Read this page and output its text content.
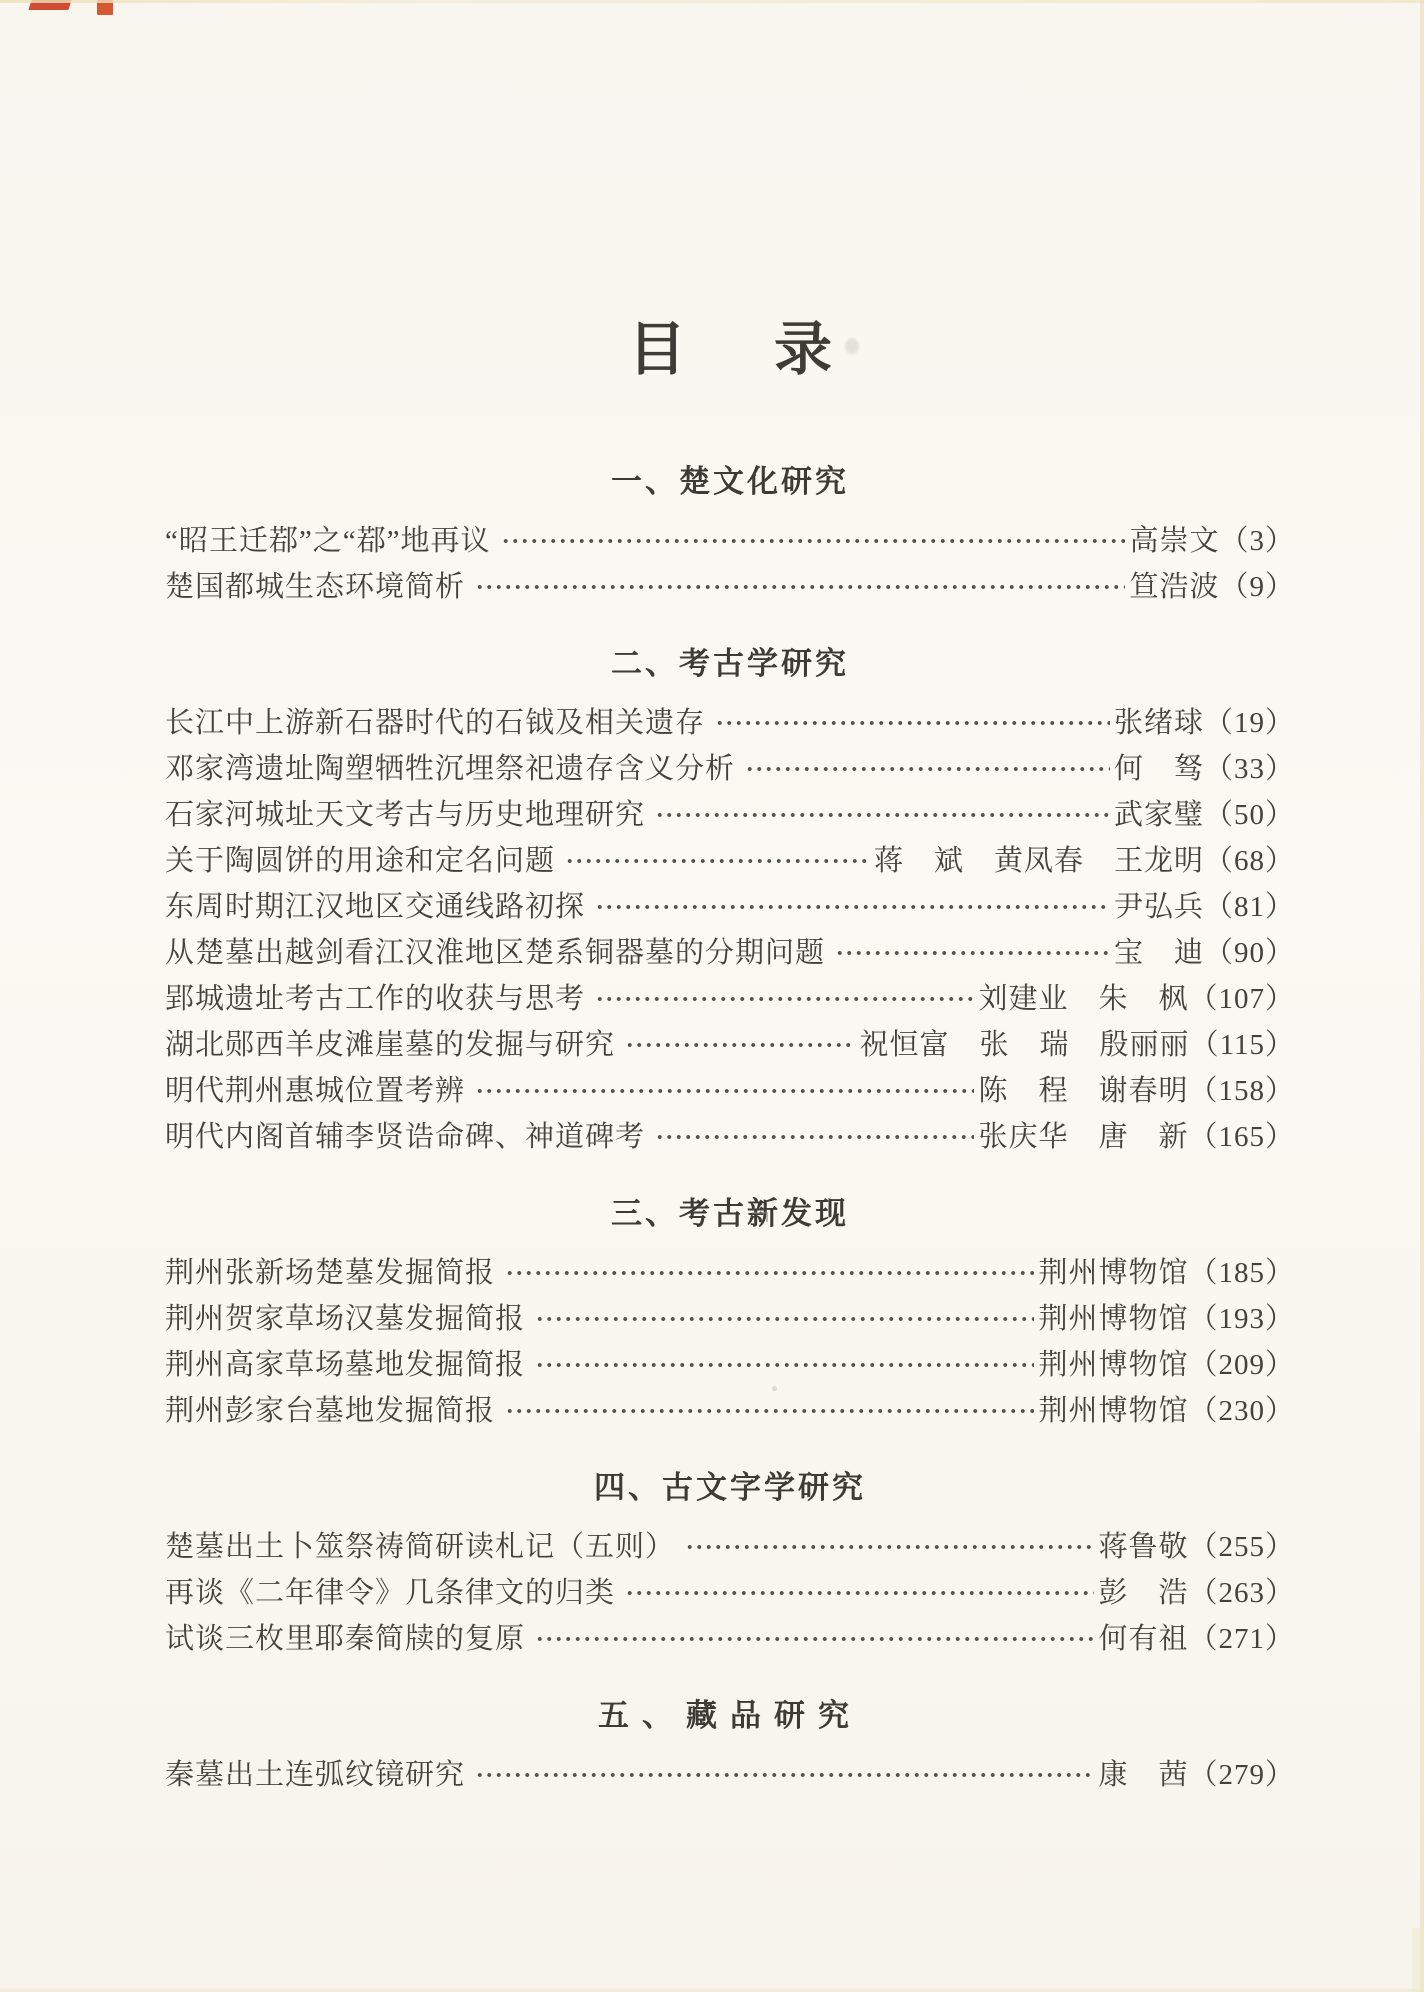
目 录
一、楚文化研究
“昭王迁鄀”之“鄀”地再议	高崇文 （3）
楚国都城生态环境简析	笪浩波 （9）
二、考古学研究
长江中上游新石器时代的石钺及相关遗存	张绪球 （19）
邓家湾遗址陶塑牺牲沉埋祭祀遗存含义分析	何　驽 （33）
石家河城址天文考古与历史地理研究	武家璧 （50）
关于陶圆饼的用途和定名问题	蒋　斌　黄凤春　王龙明 （68）
东周时期江汉地区交通线路初探	尹弘兵 （81）
从楚墓出越剑看江汉淮地区楚系铜器墓的分期问题	宝　迪 （90）
郢城遗址考古工作的收获与思考	刘建业　朱　枫 （107）
湖北郧西羊皮滩崖墓的发掘与研究	祝恒富　张　瑞　殷丽丽 （115）
明代荆州惠城位置考辨	陈　程　谢春明 （158）
明代内阁首辅李贤诰命碑、神道碑考	张庆华　唐　新 （165）
三、考古新发现
荆州张新场楚墓发掘简报	荆州博物馆 （185）
荆州贺家草场汉墓发掘简报	荆州博物馆 （193）
荆州高家草场墓地发掘简报	荆州博物馆 （209）
荆州彭家台墓地发掘简报	荆州博物馆 （230）
四、古文字学研究
楚墓出土卜筮祭祷简研读札记（五则）	蒋鲁敬 （255）
再谈《二年律令》几条律文的归类	彭　浩 （263）
试谈三枚里耶秦简牍的复原	何有祖 （271）
五、藏品研究
秦墓出土连弧纹镜研究	康　茜 （279）
